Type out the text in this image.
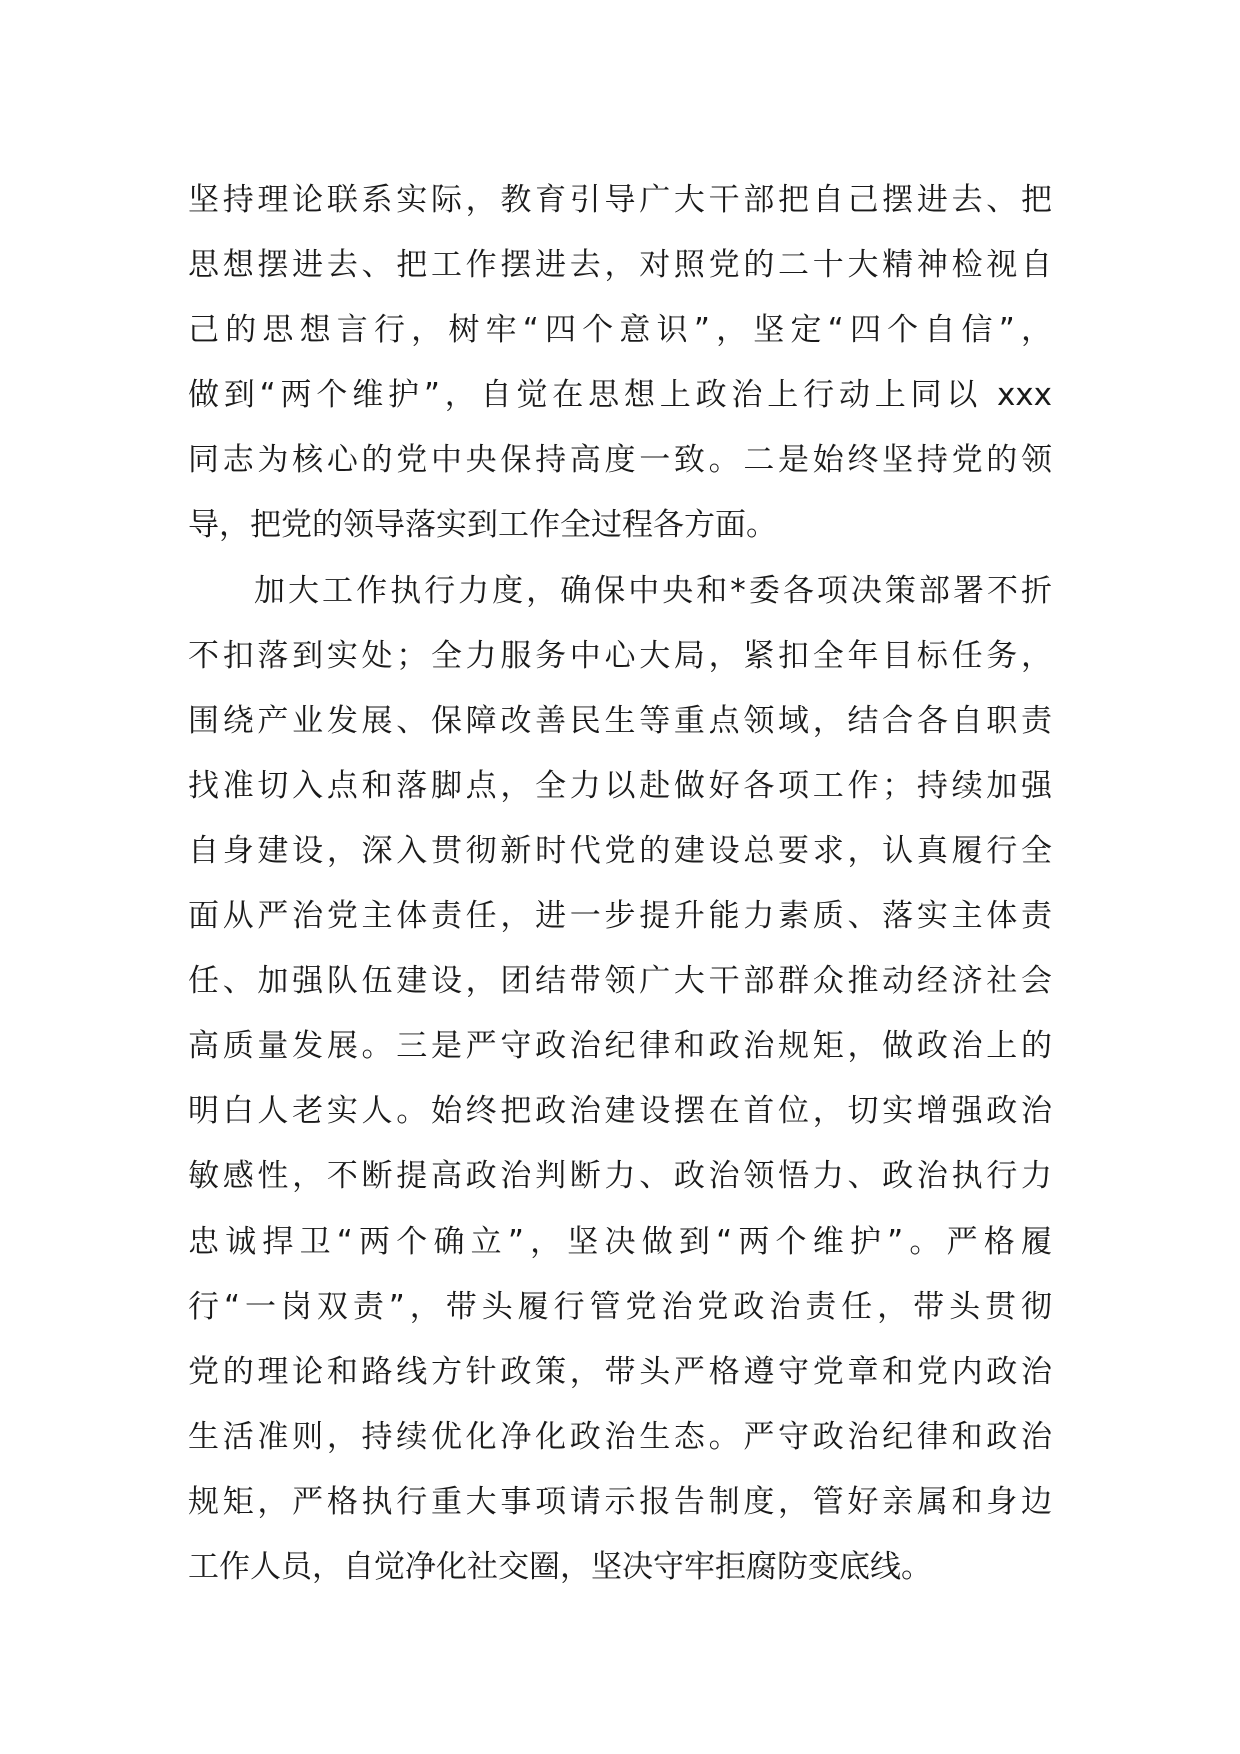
坚持理论联系实际，教育引导广大干部把自己摆进去、把
思想摆进去、把工作摆进去，对照党的二十大精神检视自
己的思想言行，树牢“四个意识”，坚定“四个自信”，
做到“两个维护”，自觉在思想上政治上行动上同以 xxx
同志为核心的党中央保持高度一致。二是始终坚持党的领
导，把党的领导落实到工作全过程各方面。
加大工作执行力度，确保中央和*委各项决策部署不折
不扣落到实处；全力服务中心大局，紧扣全年目标任务，
围绕产业发展、保障改善民生等重点领域，结合各自职责
找准切入点和落脚点，全力以赴做好各项工作；持续加强
自身建设，深入贯彻新时代党的建设总要求，认真履行全
面从严治党主体责任，进一步提升能力素质、落实主体责
任、加强队伍建设，团结带领广大干部群众推动经济社会
高质量发展。三是严守政治纪律和政治规矩，做政治上的
明白人老实人。始终把政治建设摆在首位，切实增强政治
敏感性，不断提高政治判断力、政治领悟力、政治执行力
忠诚捍卫“两个确立”，坚决做到“两个维护”。严格履
行“一岗双责”，带头履行管党治党政治责任，带头贯彻
党的理论和路线方针政策，带头严格遵守党章和党内政治
生活准则，持续优化净化政治生态。严守政治纪律和政治
规矩，严格执行重大事项请示报告制度，管好亲属和身边
工作人员，自觉净化社交圈，坚决守牢拒腐防变底线。
